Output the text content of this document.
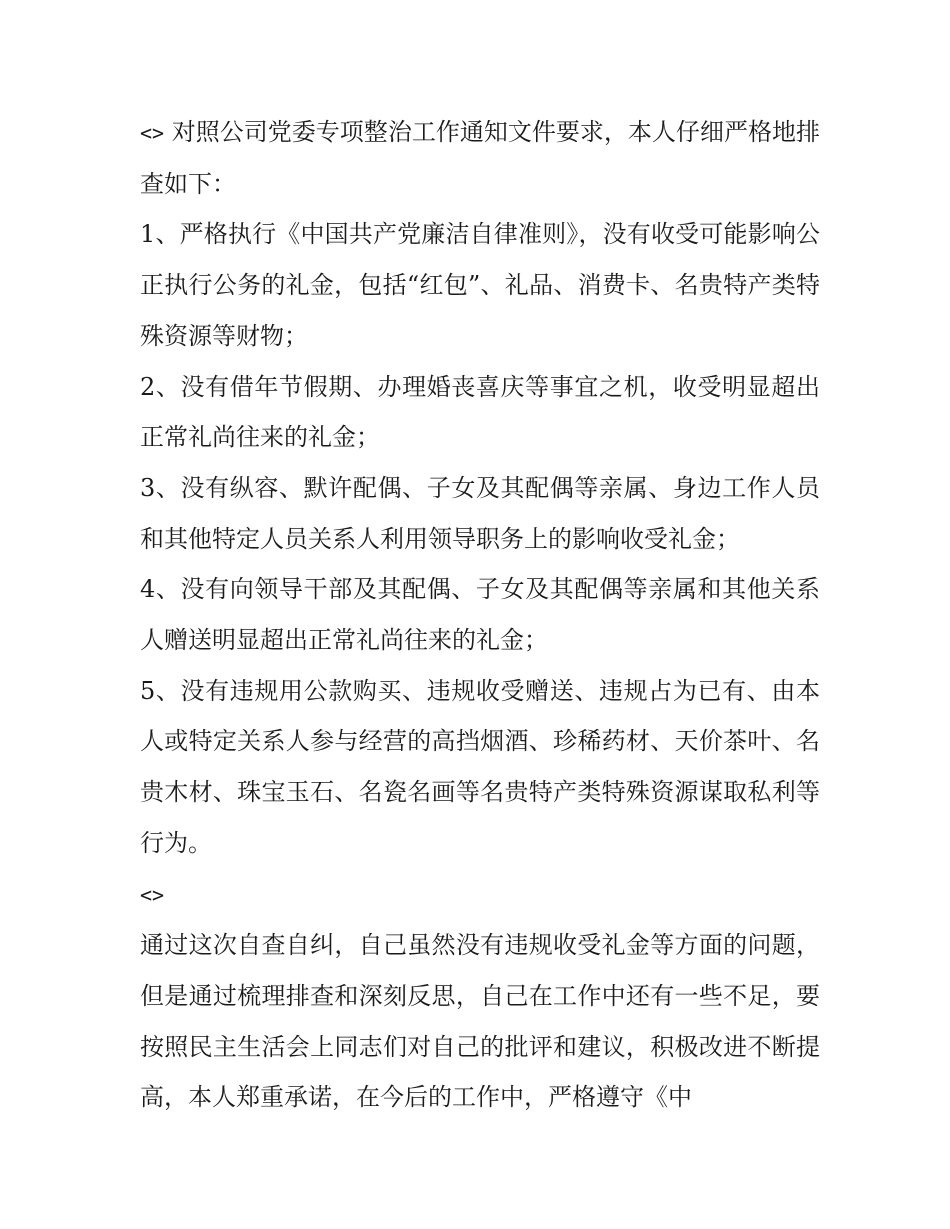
<> 对照公司党委专项整治工作通知文件要求，本人仔细严格地排查如下：

1、严格执行《中国共产党廉洁自律准则》，没有收受可能影响公正执行公务的礼金，包括“红包”、礼品、消费卡、名贵特产类特殊资源等财物；

2、没有借年节假期、办理婚丧喜庆等事宜之机，收受明显超出正常礼尚往来的礼金；

3、没有纵容、默许配偶、子女及其配偶等亲属、身边工作人员和其他特定人员关系人利用领导职务上的影响收受礼金；

4、没有向领导干部及其配偶、子女及其配偶等亲属和其他关系人赠送明显超出正常礼尚往来的礼金；

5、没有违规用公款购买、违规收受赠送、违规占为已有、由本人或特定关系人参与经营的高挡烟酒、珍稀药材、天价茶叶、名贵木材、珠宝玉石、名瓷名画等名贵特产类特殊资源谋取私利等行为。

<>

通过这次自查自纠，自己虽然没有违规收受礼金等方面的问题，但是通过梳理排查和深刻反思，自己在工作中还有一些不足，要按照民主生活会上同志们对自己的批评和建议，积极改进不断提高，本人郑重承诺，在今后的工作中，严格遵守《中
